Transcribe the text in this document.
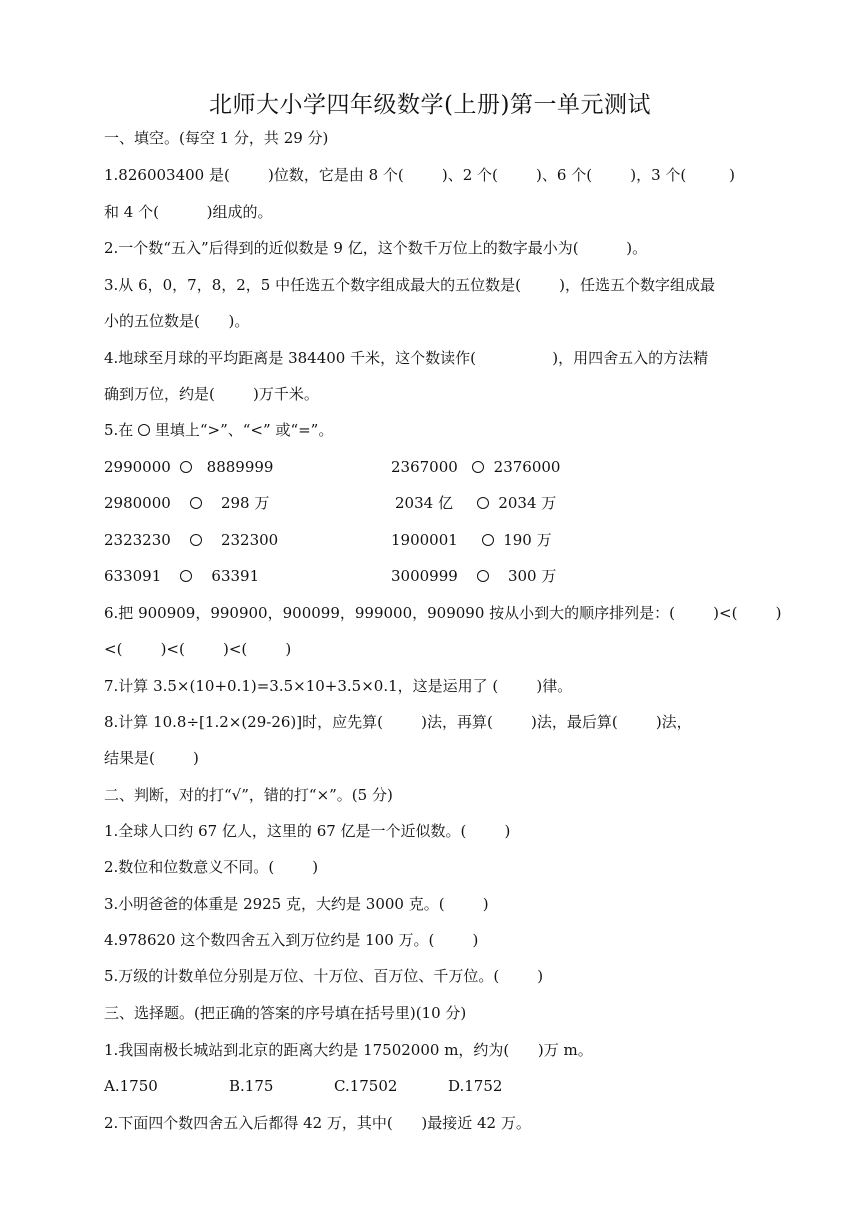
北师大小学四年级数学(上册)第一单元测试
一、填空。(每空 1 分，共 29 分)
1.826003400 是(        )位数，它是由 8 个(        )、2 个(        )、6 个(        )，3 个(         )
和 4 个(          )组成的。
2.一个数“五入”后得到的近似数是 9 亿，这个数千万位上的数字最小为(          )。
3.从 6，0，7，8，2，5 中任选五个数字组成最大的五位数是(        )，任选五个数字组成最
小的五位数是(      )。
4.地球至月球的平均距离是 384400 千米，这个数读作(                )，用四舍五入的方法精
确到万位，约是(        )万千米。
5.在  里填上“>”、“<” 或“=”。
2990000 8889999	2367000 2376000
2980000	298 万	2034 亿	2034 万
2323230	232300	1900001	190 万
633091	63391	3000999	300 万
6.把 900909，990900，900099，999000，909090 按从小到大的顺序排列是：(        )<(        )
<(        )<(        )<(        )
7.计算 3.5×(10+0.1)=3.5×10+3.5×0.1，这是运用了 (        )律。
8.计算 10.8÷[1.2×(29-26)]时，应先算(        )法，再算(        )法，最后算(        )法，
结果是(        )
二、判断，对的打“√”，错的打“×”。(5 分)
1.全球人口约 67 亿人，这里的 67 亿是一个近似数。(        )
2.数位和位数意义不同。(        )
3.小明爸爸的体重是 2925 克，大约是 3000 克。(        )
4.978620 这个数四舍五入到万位约是 100 万。(        )
5.万级的计数单位分别是万位、十万位、百万位、千万位。(        )
三、选择题。(把正确的答案的序号填在括号里)(10 分)
1.我国南极长城站到北京的距离大约是 17502000 m，约为(      )万 m。
A.1750	B.175	C.17502	D.1752
2.下面四个数四舍五入后都得 42 万，其中(      )最接近 42 万。
